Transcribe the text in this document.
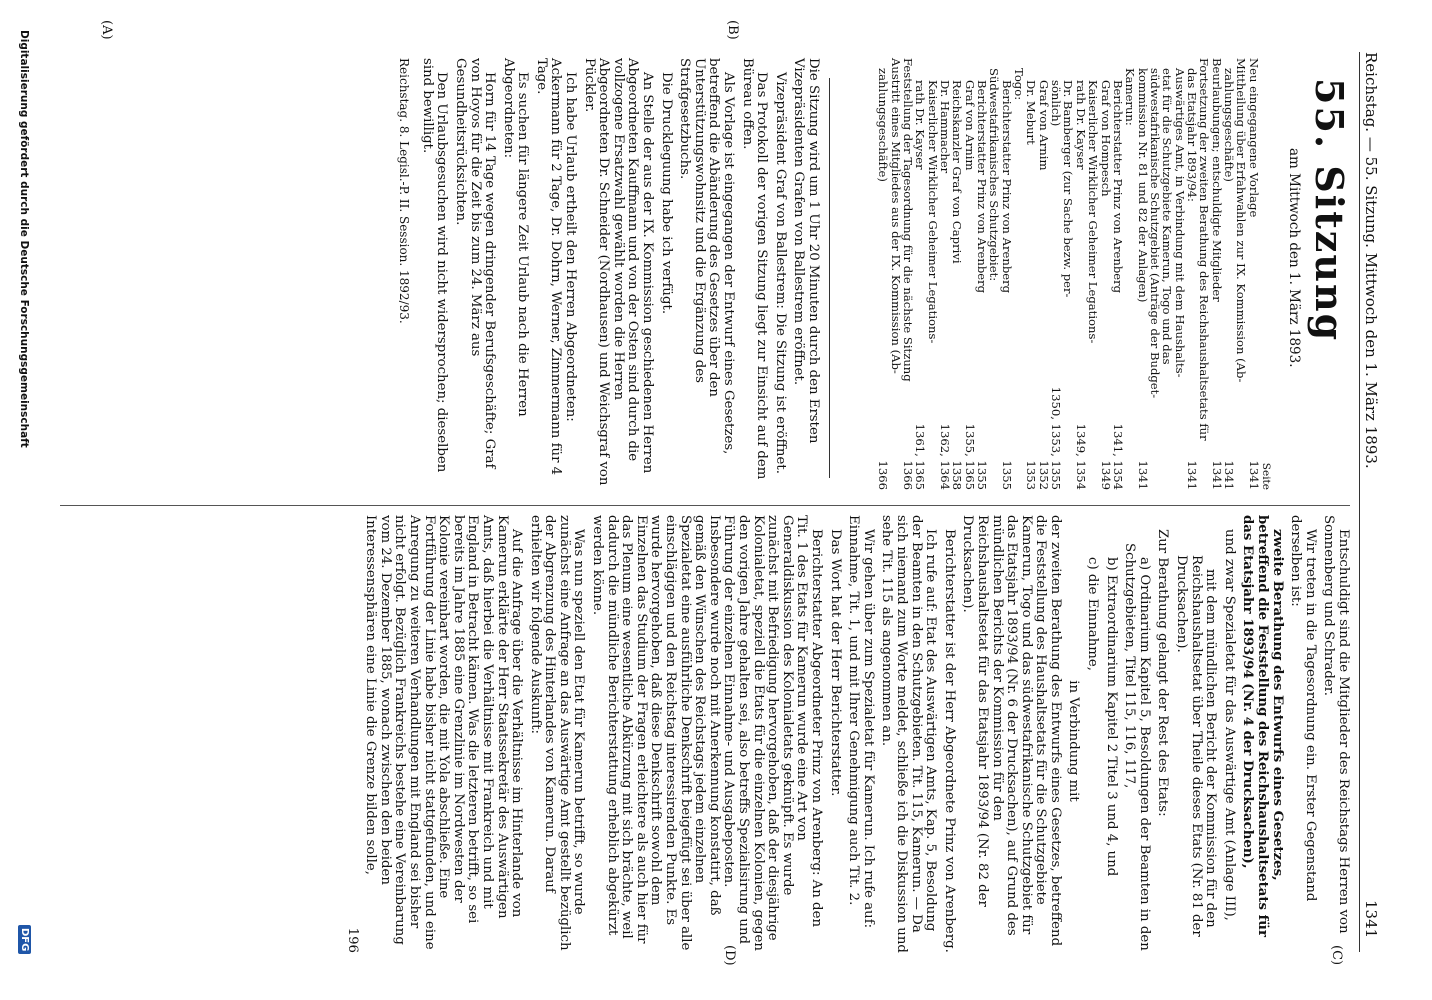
Reichstag. — 55. Sitzung. Mittwoch den 1. März 1893.
1341
(A)	(B)
(C)
(D)
55. Sitzung
am Mittwoch den 1. März 1893.
Seite
Neu eingegangene Vorlage
1341
Mittheilung über Erfahwahlen zur IX. Kommission (Ab-
zahlungsgeschäfte)
1341
Beurlaubungen; entschuldigte Mitglieder
1341
Fortsetzung der zweiten Berathung des Reichshaushaltsetats für
das Etatsjahr 1893/94:
1341
Auswärtiges Amt, in Verbindung mit dem Haushalts-
etat für die Schutzgebiete Kamerun, Togo und das
südwestafrikanische Schutzgebiet (Anträge der Budget-
kommission Nr. 81 und 82 der Anlagen)
1341
Kamerun:
Berichterstatter Prinz von Arenberg
1341, 1354
Graf von Hompesch
1349
Kaiserlicher Wirklicher Geheimer Legations-
rath Dr. Kayser
1349, 1354
Dr. Bamberger (zur Sache bezw. per-
sönlich)
1350, 1353, 1355
Graf von Arnim
1352
Dr. Meburt
1353
Togo:
Berichterstatter Prinz von Arenberg
1355
Südwestafrikanisches Schutzgebiet:
Berichterstatter Prinz von Arenberg
1355
Graf von Arnim
1355, 1365
Reichskanzler Graf von Caprivi
1358
Dr. Hammacher
1362, 1364
Kaiserlicher Wirklicher Geheimer Legations-
rath Dr. Kayser
1361, 1365
Feststellung der Tagesordnung für die nächste Sitzung
1366
Austritt eines Mitgliedes aus der IX. Kommission (Ab-
zahlungsgeschäfte)
1366

Die Sitzung wird um 1 Uhr 20 Minuten durch den Ersten Vizepräsidenten Grafen von Ballestrem eröffnet.

Vizepräsident Graf von Ballestrem: Die Sitzung ist eröffnet.

Das Protokoll der vorigen Sitzung liegt zur Einsicht auf dem Büreau offen.

Als Vorlage ist eingegangen der Entwurf eines Gesetzes, betreffend die Abänderung des Gesetzes über den Unterstützungswohnsitz und die Ergänzung des Strafgesetzbuchs.

Die Druckleguung habe ich verfügt.

An Stelle der aus der IX. Kommission geschiedenen Herren Abgeordneten Kauffmann und von der Osten sind durch die vollzogene Ersatzwahl gewählt worden die Herren Abgeordneten Dr. Schneider (Nordhausen) und Weichsgraf von Pückler.

Ich habe Urlaub ertheilt den Herren Abgeordneten: Ackermann für 2 Tage, Dr. Dohrn, Werner, Zimmermann für 4 Tage.

Es suchen für längere Zeit Urlaub nach die Herren Abgeordneten:

Horn für 14 Tage wegen dringender Berufsgeschäfte; Graf von Hoyos für die Zeit bis zum 24. März aus Gesundheitsrücksichten.

Den Urlaubsgesuchen wird nicht widersprochen; dieselben sind bewilligt.

Reichstag. 8. Legisl.-P. II. Session. 1892/93.

Entschuldigt sind die Mitglieder des Reichstags Herren von Sonnenberg und Schrader.

Wir treten in die Tagesordnung ein. Erster Gegenstand derselben ist:

zweite Berathung des Entwurfs eines Gesetzes, betreffend die Feststellung des Reichshaushaltsetats für das Etatsjahr 1893/94 (Nr. 4 der Drucksachen),

und zwar Spezialetat für das Auswärtige Amt (Anlage III),

mit dem mündlichen Bericht der Kommission für den Reichshaushaltsetat über Theile dieses Etats (Nr. 81 der Drucksachen).

Zur Berathung gelangt der Rest des Etats:

a) Ordinarium Kapitel 5, Besoldungen der Beamten in den Schutzgebieten, Titel 115, 116, 117,

b) Extraordinarium Kapitel 2 Titel 3 und 4, und

c) die Einnahme,

in Verbindung mit

der zweiten Berathung des Entwurfs eines Gesetzes, betreffend die Feststellung des Haushaltsetats für die Schutzgebiete Kamerun, Togo und das südwestafrikanische Schutzgebiet für das Etatsjahr 1893/94 (Nr. 6 der Drucksachen), auf Grund des mündlichen Berichts der Kommission für den Reichshaushaltsetat für das Etatsjahr 1893/94 (Nr. 82 der Drucksachen).

Berichterstatter ist der Herr Abgeordnete Prinz von Arenberg.

Ich rufe auf: Etat des Auswärtigen Amts, Kap. 5, Besoldung der Beamten in den Schutzgebieten. Tit. 115, Kamerun. — Da sich niemand zum Worte meldet, schließe ich die Diskussion und sehe Tit. 115 als angenommen an.

Wir gehen über zum Spezialetat für Kamerun. Ich rufe auf: Einnahme, Tit. 1, und mit Ihrer Genehmigung auch Tit. 2.

Das Wort hat der Herr Berichterstatter.

Berichterstatter Abgeordneter Prinz von Arenberg: An den Tit. 1 des Etats für Kamerun wurde eine Art von Generaldiskussion des Kolonialetats geknüpft. Es wurde zunächst mit Befriedigung hervorgehoben, daß der diesjährige Kolonialetat, speziell die Etats für die einzelnen Kolonien, gegen den vorigen Jahre gehalten sei, also betreffs Spezialisirung und Führung der einzelnen Einnahme- und Ausgabeposten. Insbesondere wurde noch mit Anerkennung konstatirt, daß gemäß den Wünschen des Reichstags jedem einzelnen Spezialetat eine ausführliche Denkschrift beigefügt sei über alle einschlägigen und den Reichstag interessirenden Punkte. Es wurde hervorgehoben, daß diese Denkschrift sowohl dem Einzelnen das Studium der Fragen erleichtere als auch hier für das Plenum eine wesentliche Abkürzung mit sich brächte, weil dadurch die mündliche Berichterstattung erheblich abgekürzt werden könne.

Was nun speziell den Etat für Kamerun betrifft, so wurde zunächst eine Anfrage an das Auswärtige Amt gestellt bezüglich der Abgrenzung des Hinterlandes von Kamerun. Darauf erhielten wir folgende Auskunft:

Auf die Anfrage über die Verhältnisse im Hinterlande von Kamerun erklärte der Herr Staatssekretär des Auswärtigen Amts, daß hierbei die Verhältnisse mit Frankreich und mit England in Betracht kämen. Was die letzteren betrifft, so sei bereits im Jahre 1885 eine Grenzlinie im Nordwesten der Kolonie vereinbart worden, die mit Yola abschließe. Eine Fortführung der Linie habe bisher nicht stattgefunden, und eine Anregung zu weiteren Verhandlungen mit England sei bisher nicht erfolgt. Bezüglich Frankreichs bestehe eine Vereinbarung vom 24. Dezember 1885, wonach zwischen den beiden Interessensphären eine Linie die Grenze bilden solle,

196

Digitalisierung gefördert durch die Deutsche Forschungsgemeinschaft
DFG
